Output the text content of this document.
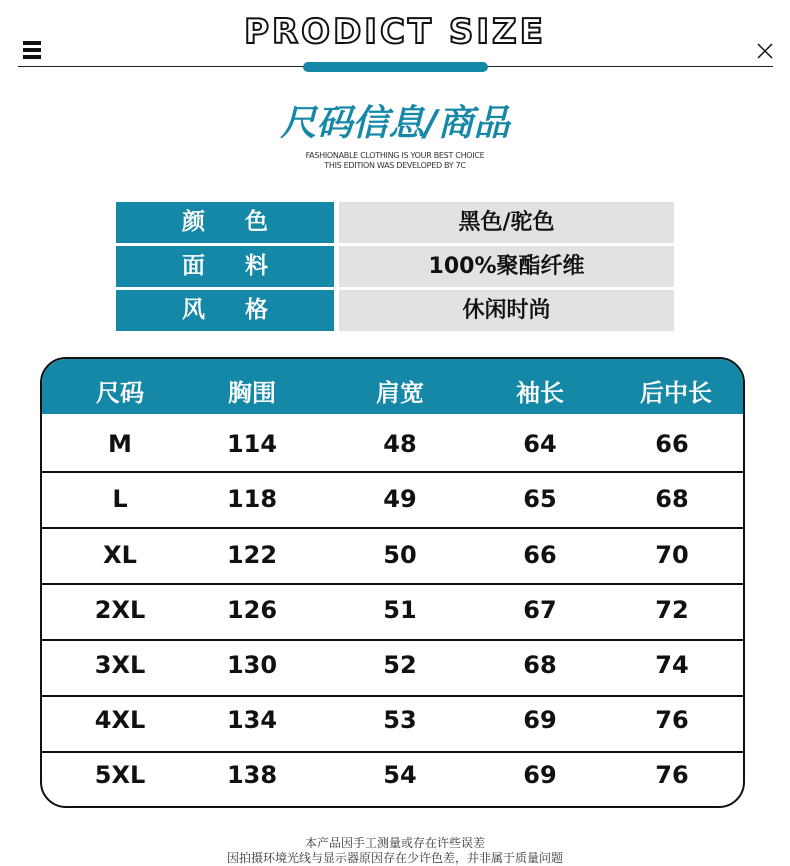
PRODICT SIZE
尺码信息/商品
FASHIONABLE CLOTHING IS YOUR BEST CHOICE
THIS EDITION WAS DEVELOPED BY 7C
颜色	黑色/驼色
面料	100%聚酯纤维
风格	休闲时尚
尺码	胸围	肩宽	袖长	后中长
M	114	48	64	66
L	118	49	65	68
XL	122	50	66	70
2XL	126	51	67	72
3XL	130	52	68	74
4XL	134	53	69	76
5XL	138	54	69	76
本产品因手工测量或存在许些误差
因拍摄环境光线与显示器原因存在少许色差，并非属于质量问题
